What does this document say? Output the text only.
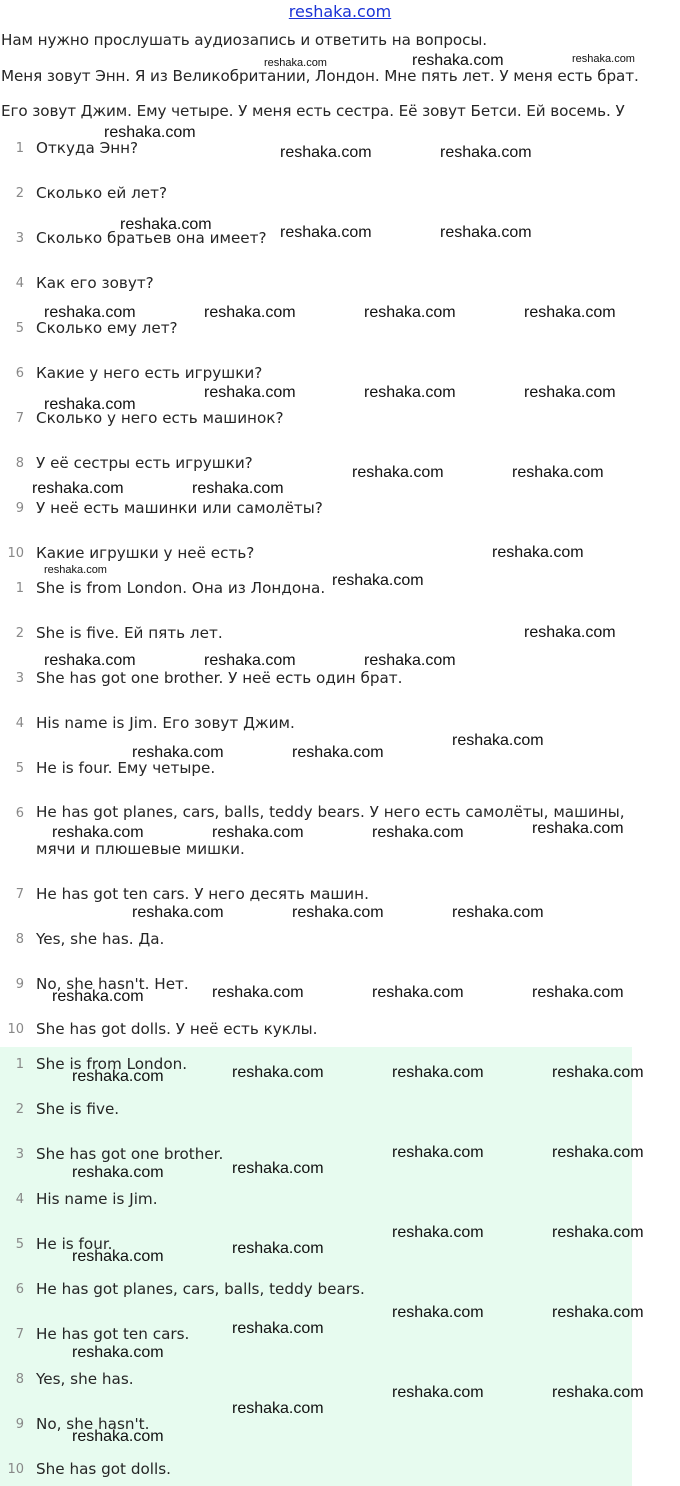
reshaka.com
Нам нужно прослушать аудиозапись и ответить на вопросы.
Меня зовут Энн. Я из Великобритании, Лондон. Мне пять лет. У меня есть брат.
Его зовут Джим. Ему четыре. У меня есть сестра. Её зовут Бетси. Ей восемь. У
1 Откуда Энн?
2 Сколько ей лет?
3 Сколько братьев она имеет?
4 Как его зовут?
5 Сколько ему лет?
6 Какие у него есть игрушки?
7 Сколько у него есть машинок?
8 У её сестры есть игрушки?
9 У неё есть машинки или самолёты?
10 Какие игрушки у неё есть?
1 She is from London. Она из Лондона.
2 She is five. Ей пять лет.
3 She has got one brother. У неё есть один брат.
4 His name is Jim. Его зовут Джим.
5 He is four. Ему четыре.
6 He has got planes, cars, balls, teddy bears. У него есть самолёты, машины, мячи и плюшевые мишки.
7 He has got ten cars. У него десять машин.
8 Yes, she has. Да.
9 No, she hasn't. Нет.
10 She has got dolls. У неё есть куклы.
1 She is from London.
2 She is five.
3 She has got one brother.
4 His name is Jim.
5 He is four.
6 He has got planes, cars, balls, teddy bears.
7 He has got ten cars.
8 Yes, she has.
9 No, she hasn't.
10 She has got dolls.
reshaka.com	reshaka.com	reshaka.com
reshaka.com
reshaka.com	reshaka.com
reshaka.com	reshaka.com	reshaka.com
reshaka.com	reshaka.com	reshaka.com	reshaka.com
reshaka.com	reshaka.com	reshaka.com
reshaka.com
reshaka.com	reshaka.com
reshaka.com	reshaka.com
reshaka.com
reshaka.com
reshaka.com
reshaka.com
reshaka.com	reshaka.com	reshaka.com
reshaka.com
reshaka.com	reshaka.com
reshaka.com
reshaka.com	reshaka.com	reshaka.com
reshaka.com	reshaka.com	reshaka.com
reshaka.com	reshaka.com	reshaka.com
reshaka.com
reshaka.com	reshaka.com	reshaka.com
reshaka.com
reshaka.com	reshaka.com
reshaka.com
reshaka.com
reshaka.com	reshaka.com
reshaka.com
reshaka.com
reshaka.com	reshaka.com
reshaka.com
reshaka.com
reshaka.com	reshaka.com
reshaka.com
reshaka.com
